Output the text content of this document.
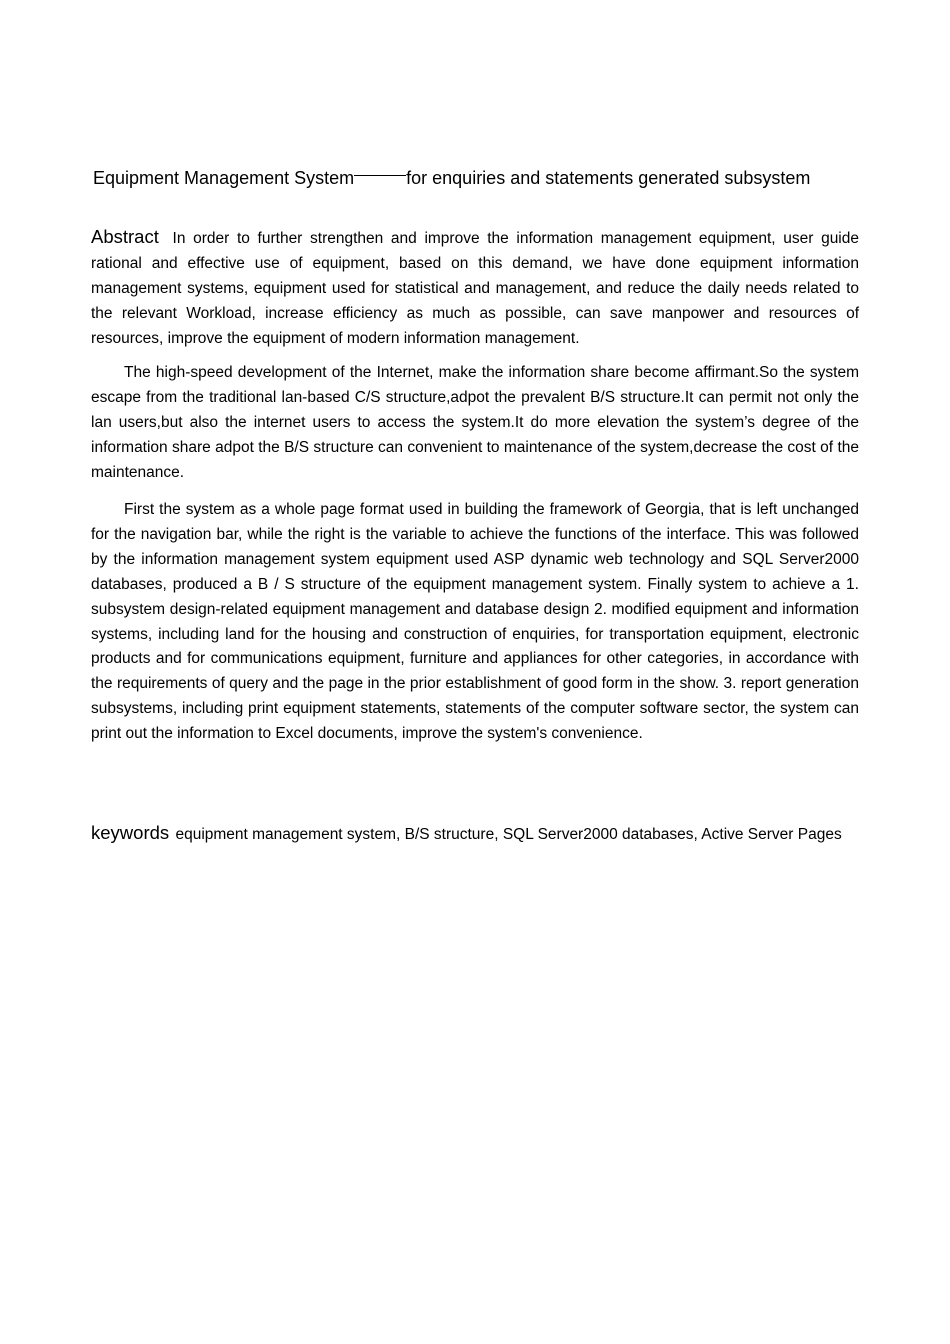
Equipment Management System	for enquiries and statements generated subsystem

Abstract In order to further strengthen and improve the information management equipment, user guide rational and effective use of equipment, based on this demand, we have done equipment information management systems, equipment used for statistical and management, and reduce the daily needs related to the relevant Workload, increase efficiency as much as possible, can save manpower and resources of resources, improve the equipment of modern information management.

The high-speed development of the Internet, make the information share become affirmant.So the system escape from the traditional lan-based C/S structure,adpot the prevalent B/S structure.It can permit not only the lan users,but also the internet users to access the system.It do more elevation the system’s degree of the information share adpot the B/S structure can convenient to maintenance of the system,decrease the cost of the maintenance.

First the system as a whole page format used in building the framework of Georgia, that is left unchanged for the navigation bar, while the right is the variable to achieve the functions of the interface. This was followed by the information management system equipment used ASP dynamic web technology and SQL Server2000 databases, produced a B / S structure of the equipment management system. Finally system to achieve a 1. subsystem design-related equipment management and database design 2. modified equipment and information systems, including land for the housing and construction of enquiries, for transportation equipment, electronic products and for communications equipment, furniture and appliances for other categories, in accordance with the requirements of query and the page in the prior establishment of good form in the show. 3. report generation subsystems, including print equipment statements, statements of the computer software sector, the system can print out the information to Excel documents, improve the system's convenience.

keywords equipment management system, B/S structure, SQL Server2000 databases, Active Server Pages
